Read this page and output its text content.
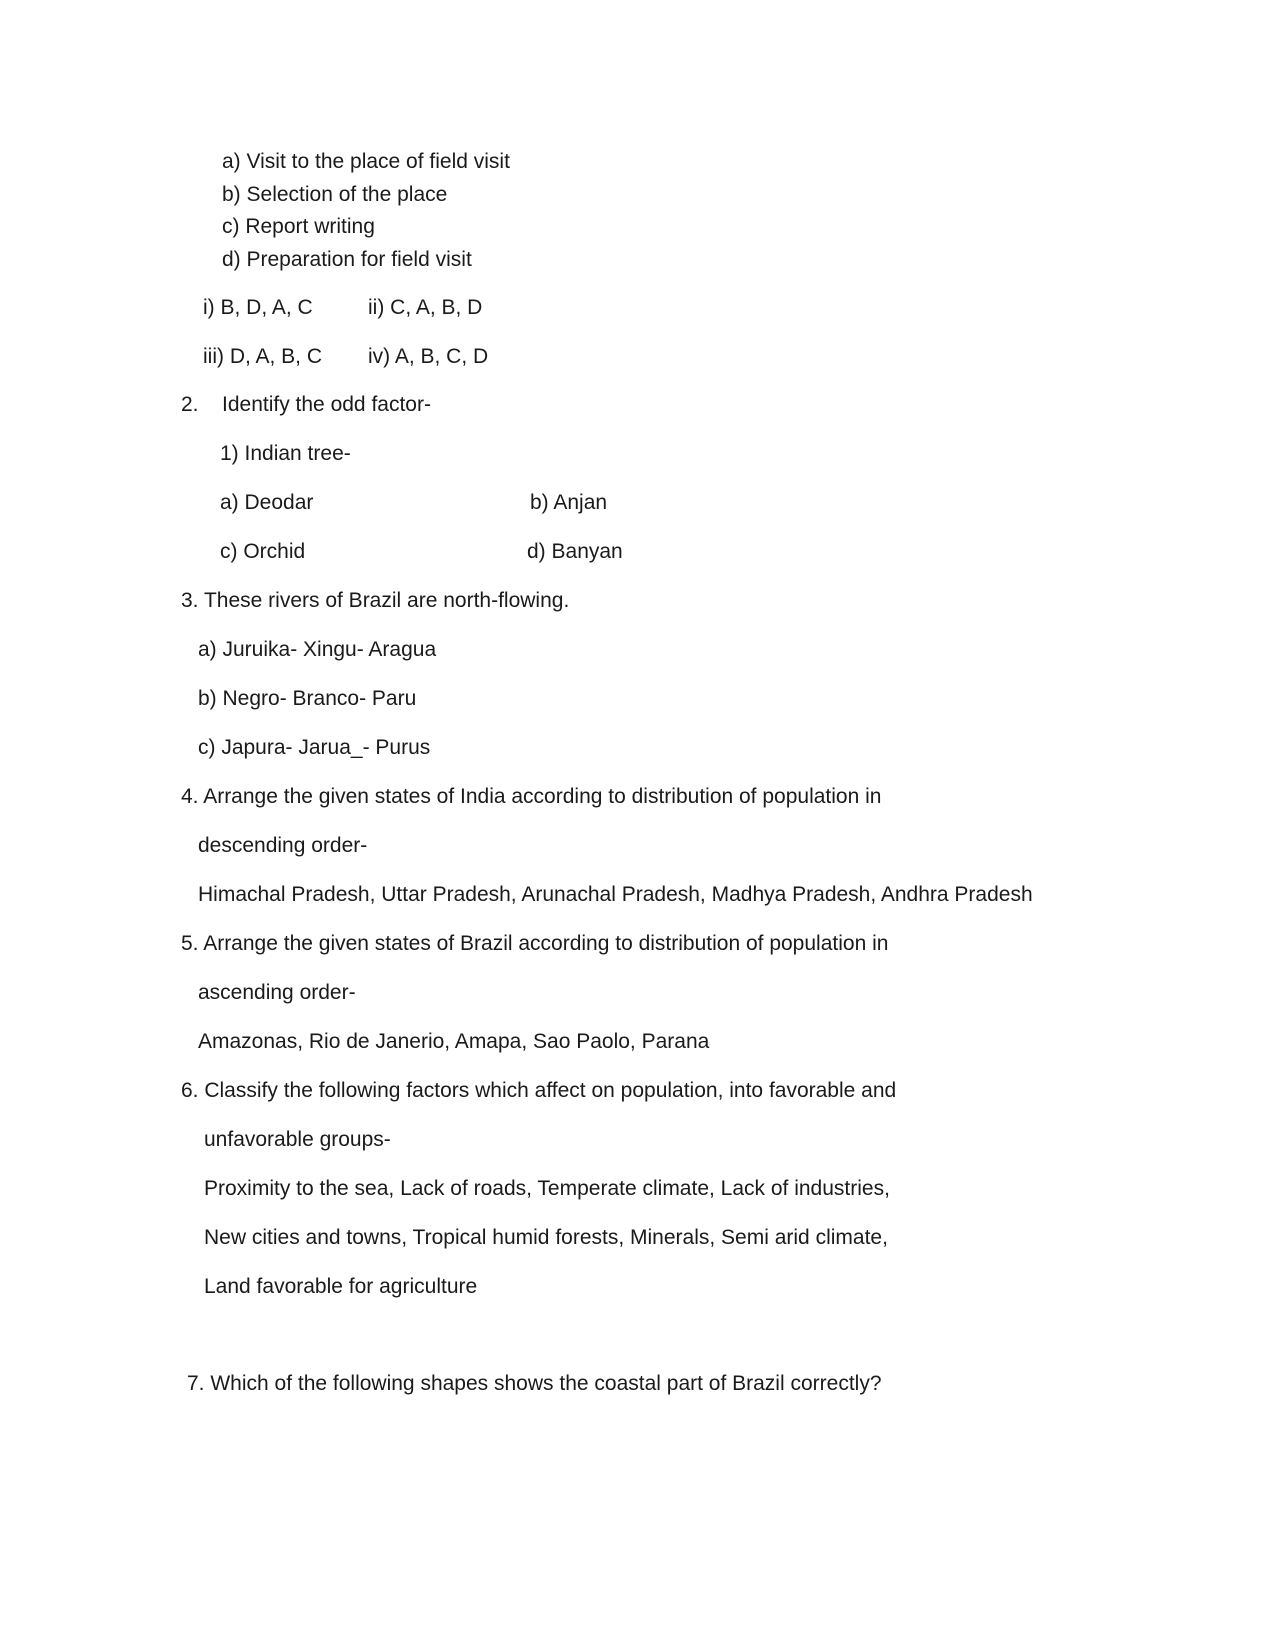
a) Visit to the place of field visit
b) Selection of the place
c) Report writing
d) Preparation for field visit
i) B, D, A, C	ii) C, A, B, D
iii) D, A, B, C iv) A, B, C, D
2. Identify the odd factor-
1) Indian tree-
a) Deodar	b) Anjan
c) Orchid	d) Banyan
3. These rivers of Brazil are north-flowing.
a) Juruika- Xingu- Aragua
b) Negro- Branco- Paru
c) Japura- Jarua_- Purus
4. Arrange the given states of India according to distribution of population in
descending order-
Himachal Pradesh, Uttar Pradesh, Arunachal Pradesh, Madhya Pradesh, Andhra Pradesh
5. Arrange the given states of Brazil according to distribution of population in
ascending order-
Amazonas, Rio de Janerio, Amapa, Sao Paolo, Parana
6. Classify the following factors which affect on population, into favorable and
unfavorable groups-
Proximity to the sea, Lack of roads, Temperate climate, Lack of industries,
New cities and towns, Tropical humid forests, Minerals, Semi arid climate,
Land favorable for agriculture
7. Which of the following shapes shows the coastal part of Brazil correctly?
